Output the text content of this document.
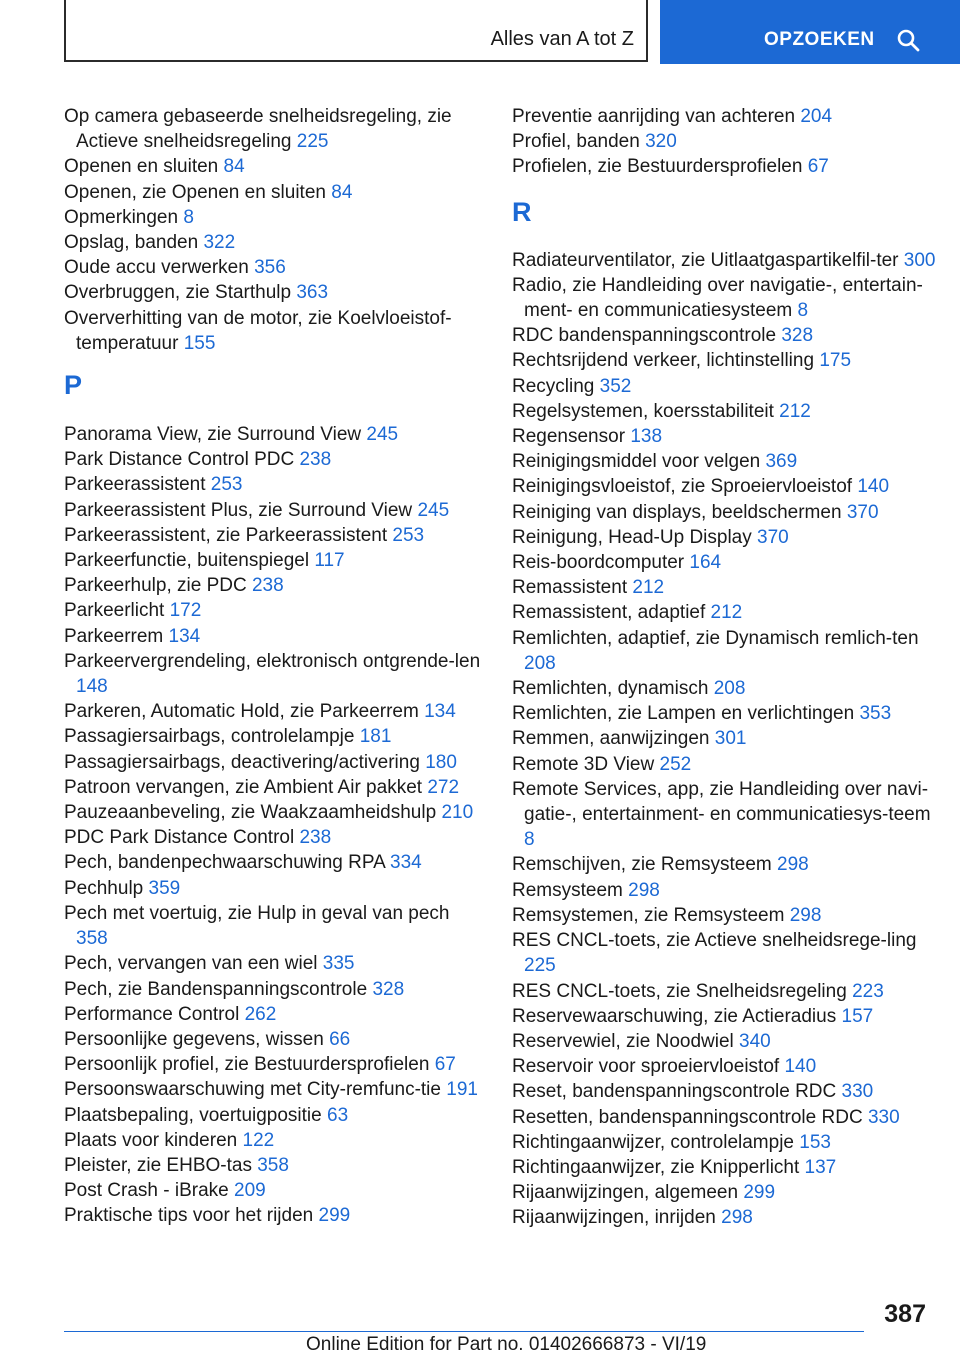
Alles van A tot Z	OPZOEKEN
Op camera gebaseerde snelheidsregeling, zie Actieve snelheidsregeling 225
Openen en sluiten 84
Openen, zie Openen en sluiten 84
Opmerkingen 8
Opslag, banden 322
Oude accu verwerken 356
Overbruggen, zie Starthulp 363
Oververhitting van de motor, zie Koelvloeistof-temperatuur 155
P
Panorama View, zie Surround View 245
Park Distance Control PDC 238
Parkeerassistent 253
Parkeerassistent Plus, zie Surround View 245
Parkeerassistent, zie Parkeerassistent 253
Parkeerfunctie, buitenspiegel 117
Parkeerhulp, zie PDC 238
Parkeerlicht 172
Parkeerrem 134
Parkeervergrendeling, elektronisch ontgrende-len 148
Parkeren, Automatic Hold, zie Parkeerrem 134
Passagiersairbags, controlelampje 181
Passagiersairbags, deactivering/activering 180
Patroon vervangen, zie Ambient Air pakket 272
Pauzeaanbeveling, zie Waakzaamheidshulp 210
PDC Park Distance Control 238
Pech, bandenpechwaarschuwing RPA 334
Pechhulp 359
Pech met voertuig, zie Hulp in geval van pech 358
Pech, vervangen van een wiel 335
Pech, zie Bandenspanningscontrole 328
Performance Control 262
Persoonlijke gegevens, wissen 66
Persoonlijk profiel, zie Bestuurdersprofielen 67
Persoonswaarschuwing met City-remfunc-tie 191
Plaatsbepaling, voertuigpositie 63
Plaats voor kinderen 122
Pleister, zie EHBO-tas 358
Post Crash - iBrake 209
Praktische tips voor het rijden 299
Preventie aanrijding van achteren 204
Profiel, banden 320
Profielen, zie Bestuurdersprofielen 67
R
Radiateurventilator, zie Uitlaatgaspartikelfil-ter 300
Radio, zie Handleiding over navigatie-, entertain-ment- en communicatiesysteem 8
RDC bandenspanningscontrole 328
Rechtsrijdend verkeer, lichtinstelling 175
Recycling 352
Regelsystemen, koersstabiliteit 212
Regensensor 138
Reinigingsmiddel voor velgen 369
Reinigingsvloeistof, zie Sproeiervloeistof 140
Reiniging van displays, beeldschermen 370
Reinigung, Head-Up Display 370
Reis-boordcomputer 164
Remassistent 212
Remassistent, adaptief 212
Remlichten, adaptief, zie Dynamisch remlich-ten 208
Remlichten, dynamisch 208
Remlichten, zie Lampen en verlichtingen 353
Remmen, aanwijzingen 301
Remote 3D View 252
Remote Services, app, zie Handleiding over navi-gatie-, entertainment- en communicatiesys-teem 8
Remschijven, zie Remsysteem 298
Remsysteem 298
Remsystemen, zie Remsysteem 298
RES CNCL-toets, zie Actieve snelheidsrege-ling 225
RES CNCL-toets, zie Snelheidsregeling 223
Reservewaarschuwing, zie Actieradius 157
Reservewiel, zie Noodwiel 340
Reservoir voor sproeiervloeistof 140
Reset, bandenspanningscontrole RDC 330
Resetten, bandenspanningscontrole RDC 330
Richtingaanwijzer, controlelampje 153
Richtingaanwijzer, zie Knipperlicht 137
Rijaanwijzingen, algemeen 299
Rijaanwijzingen, inrijden 298
387
Online Edition for Part no. 01402666873 - VI/19
